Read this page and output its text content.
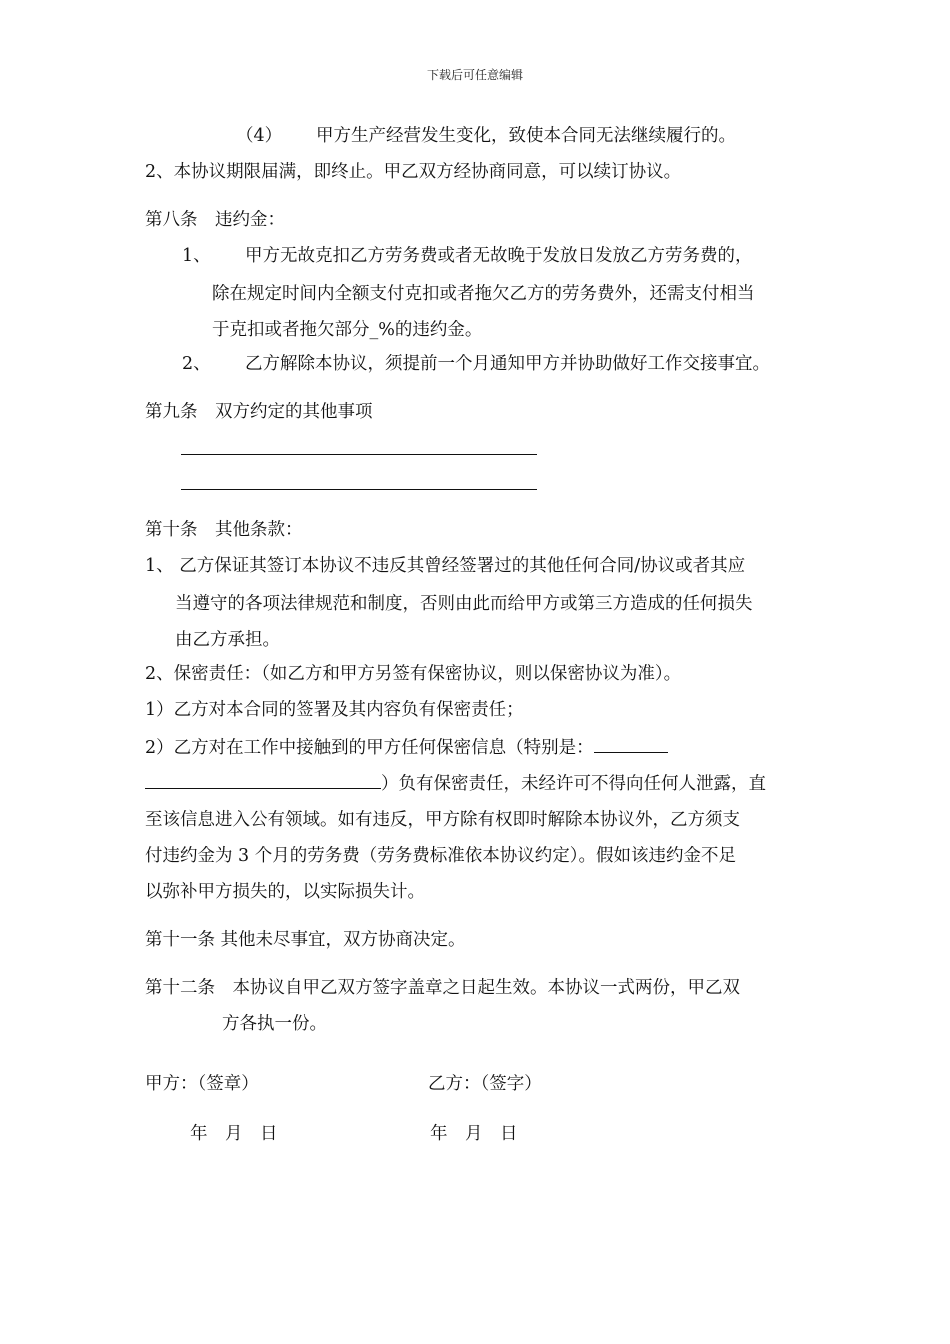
下载后可任意编辑
（4） 甲方生产经营发生变化，致使本合同无法继续履行的。
2、本协议期限届满，即终止。甲乙双方经协商同意，可以续订协议。
第八条　违约金：
1、 甲方无故克扣乙方劳务费或者无故晚于发放日发放乙方劳务费的，
除在规定时间内全额支付克扣或者拖欠乙方的劳务费外，还需支付相当
于克扣或者拖欠部分_%的违约金。
2、 乙方解除本协议，须提前一个月通知甲方并协助做好工作交接事宜。
第九条　双方约定的其他事项
第十条　其他条款：
1、 乙方保证其签订本协议不违反其曾经签署过的其他任何合同/协议或者其应
当遵守的各项法律规范和制度，否则由此而给甲方或第三方造成的任何损失
由乙方承担。
2、保密责任：（如乙方和甲方另签有保密协议，则以保密协议为准）。
1）乙方对本合同的签署及其内容负有保密责任；
2）乙方对在工作中接触到的甲方任何保密信息（特别是：
）负有保密责任，未经许可不得向任何人泄露，直
至该信息进入公有领域。如有违反，甲方除有权即时解除本协议外，乙方须支
付违约金为 3 个月的劳务费（劳务费标准依本协议约定）。假如该违约金不足
以弥补甲方损失的，以实际损失计。
第十一条 其他未尽事宜，双方协商决定。
第十二条　本协议自甲乙双方签字盖章之日起生效。本协议一式两份，甲乙双
方各执一份。
甲方：（签章）	乙方：（签字）
年　月　日	年　月　日
